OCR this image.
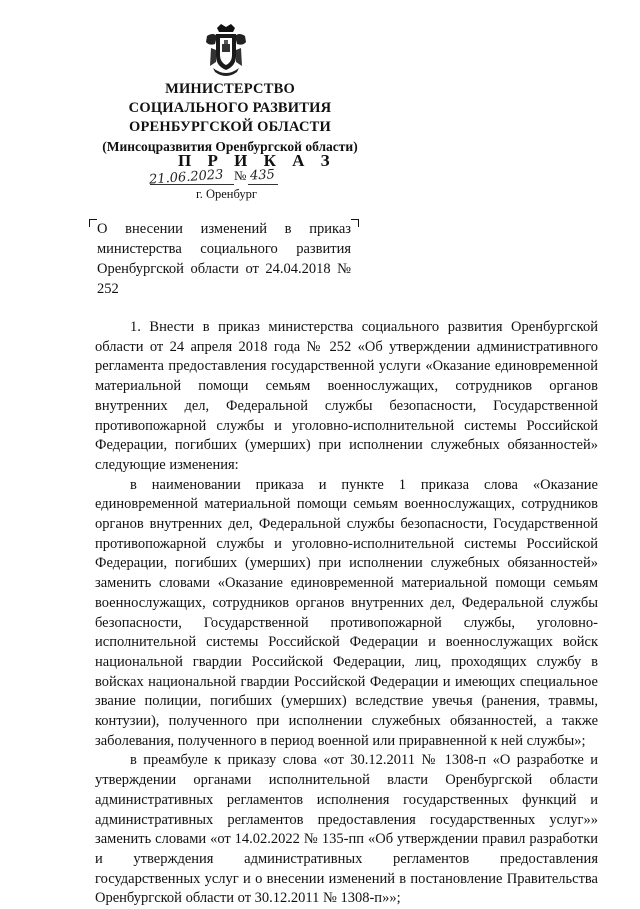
МИНИСТЕРСТВО
СОЦИАЛЬНОГО РАЗВИТИЯ
ОРЕНБУРГСКОЙ ОБЛАСТИ
(Минсоцразвития Оренбургской области)
П Р И К А З
21.06.2023 № 435
г. Оренбург
О внесении изменений в приказ министерства социального развития Оренбургской области от 24.04.2018 № 252

1. Внести в приказ министерства социального развития Оренбургской области от 24 апреля 2018 года № 252 «Об утверждении административного регламента предоставления государственной услуги «Оказание единовременной материальной помощи семьям военнослужащих, сотрудников органов внутренних дел, Федеральной службы безопасности, Государственной противопожарной службы и уголовно-исполнительной системы Российской Федерации, погибших (умерших) при исполнении служебных обязанностей» следующие изменения:

в наименовании приказа и пункте 1 приказа слова «Оказание единовременной материальной помощи семьям военнослужащих, сотрудников органов внутренних дел, Федеральной службы безопасности, Государственной противопожарной службы и уголовно-исполнительной системы Российской Федерации, погибших (умерших) при исполнении служебных обязанностей» заменить словами «Оказание единовременной материальной помощи семьям военнослужащих, сотрудников органов внутренних дел, Федеральной службы безопасности, Государственной противопожарной службы, уголовно-исполнительной системы Российской Федерации и военнослужащих войск национальной гвардии Российской Федерации, лиц, проходящих службу в войсках национальной гвардии Российской Федерации и имеющих специальное звание полиции, погибших (умерших) вследствие увечья (ранения, травмы, контузии), полученного при исполнении служебных обязанностей, а также заболевания, полученного в период военной или приравненной к ней службы»;

в преамбуле к приказу слова «от 30.12.2011 № 1308-п «О разработке и утверждении органами исполнительной власти Оренбургской области административных регламентов исполнения государственных функций и административных регламентов предоставления государственных услуг»» заменить словами «от 14.02.2022 № 135-пп «Об утверждении правил разработки и утверждения административных регламентов предоставления государственных услуг и о внесении изменений в постановление Правительства Оренбургской области от 30.12.2011 № 1308-п»»;
